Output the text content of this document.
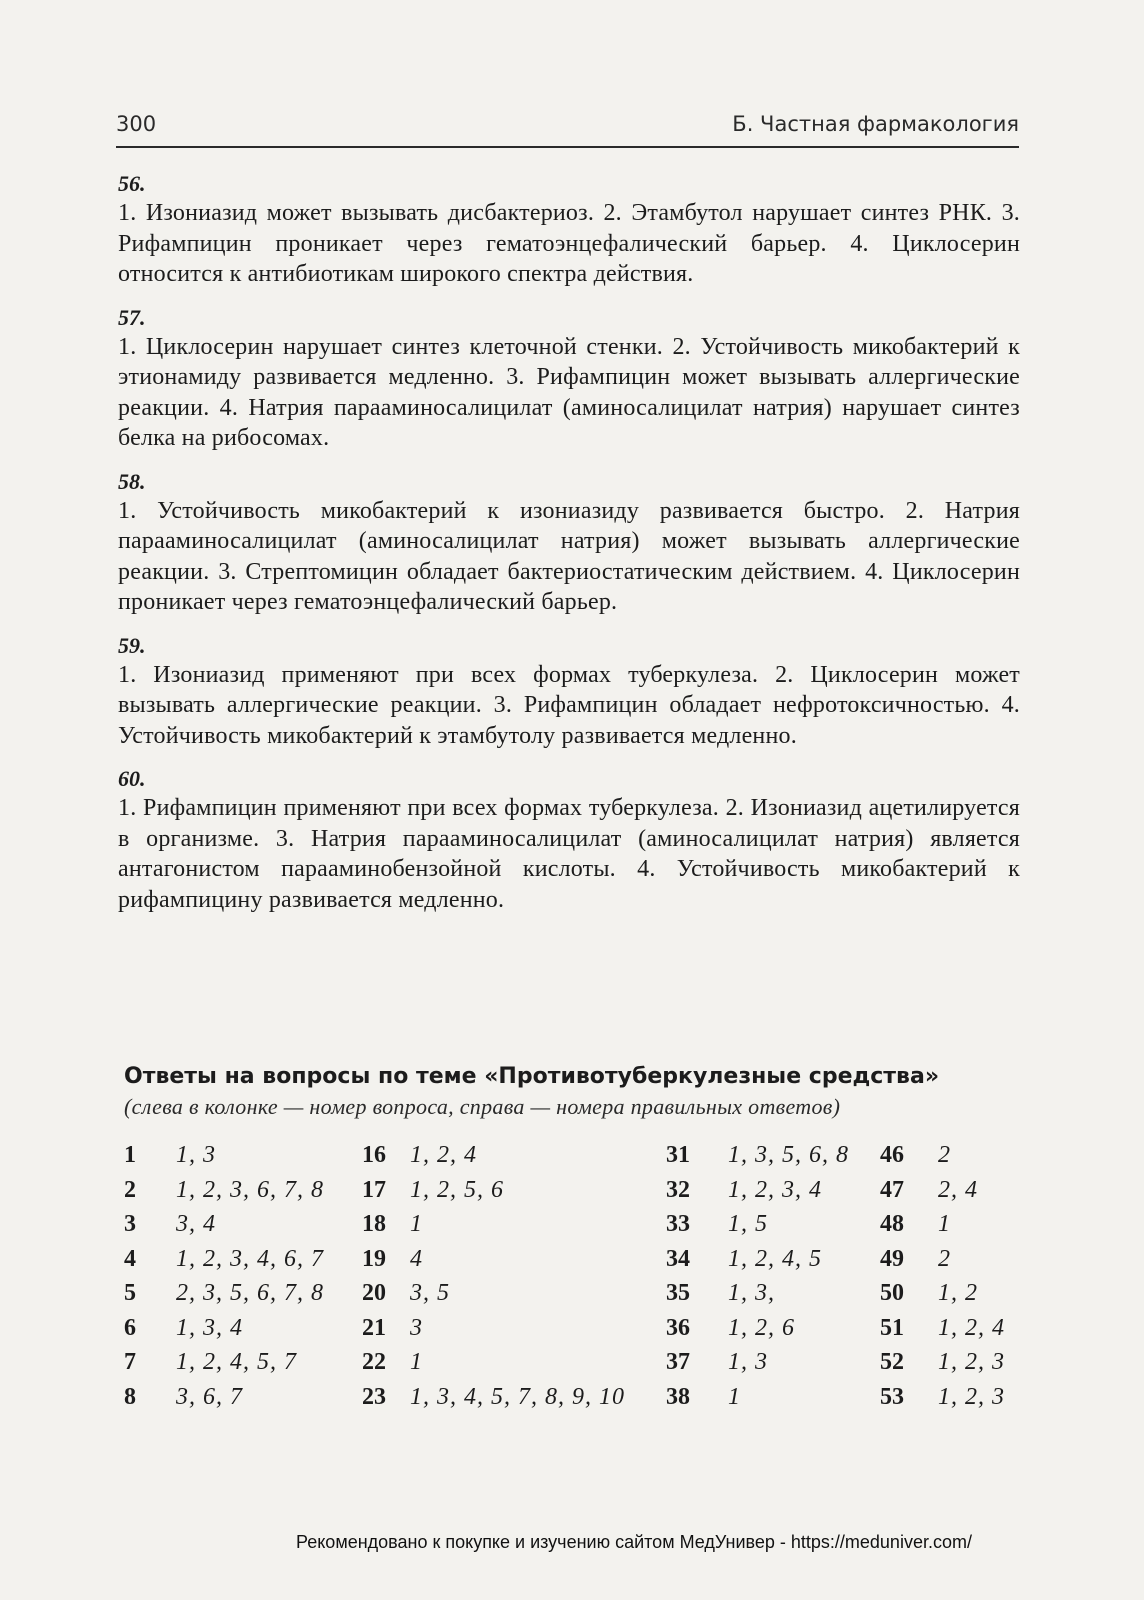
300	Б. Частная фармакология
56.

1. Изониазид может вызывать дисбактериоз. 2. Этамбутол нарушает синтез РНК. 3. Рифампицин проникает через гематоэнцефалический барьер. 4. Циклосерин относится к антибиотикам широкого спектра действия.

57.

1. Циклосерин нарушает синтез клеточной стенки. 2. Устойчивость микобактерий к этионамиду развивается медленно. 3. Рифампицин может вызывать аллергические реакции. 4. Натрия парааминосалицилат (аминосалицилат натрия) нарушает синтез белка на рибосомах.

58.

1. Устойчивость микобактерий к изониазиду развивается быстро. 2. Натрия парааминосалицилат (аминосалицилат натрия) может вызывать аллергические реакции. 3. Стрептомицин обладает бактериостатическим действием. 4. Циклосерин проникает через гематоэнцефалический барьер.

59.

1. Изониазид применяют при всех формах туберкулеза. 2. Циклосерин может вызывать аллергические реакции. 3. Рифампицин обладает нефротоксичностью. 4. Устойчивость микобактерий к этамбутолу развивается медленно.

60.

1. Рифампицин применяют при всех формах туберкулеза. 2. Изониазид ацетилируется в организме. 3. Натрия парааминосалицилат (аминосалицилат натрия) является антагонистом парааминобензойной кислоты. 4. Устойчивость микобактерий к рифампицину развивается медленно.

Ответы на вопросы по теме «Противотуберкулезные средства»
(слева в колонке — номер вопроса, справа — номера правильных ответов)
1	1, 3
2	1, 2, 3, 6, 7, 8
3	3, 4
4	1, 2, 3, 4, 6, 7
5	2, 3, 5, 6, 7, 8
6	1, 3, 4
7	1, 2, 4, 5, 7
8	3, 6, 7
16	1, 2, 4
17	1, 2, 5, 6
18	1
19	4
20	3, 5
21	3
22	1
23	1, 3, 4, 5, 7, 8, 9, 10
31	1, 3, 5, 6, 8
32	1, 2, 3, 4
33	1, 5
34	1, 2, 4, 5
35	1, 3,
36	1, 2, 6
37	1, 3
38	1
46	2
47	2, 4
48	1
49	2
50	1, 2
51	1, 2, 4
52	1, 2, 3
53	1, 2, 3
Рекомендовано к покупке и изучению сайтом МедУнивер - https://meduniver.com/
